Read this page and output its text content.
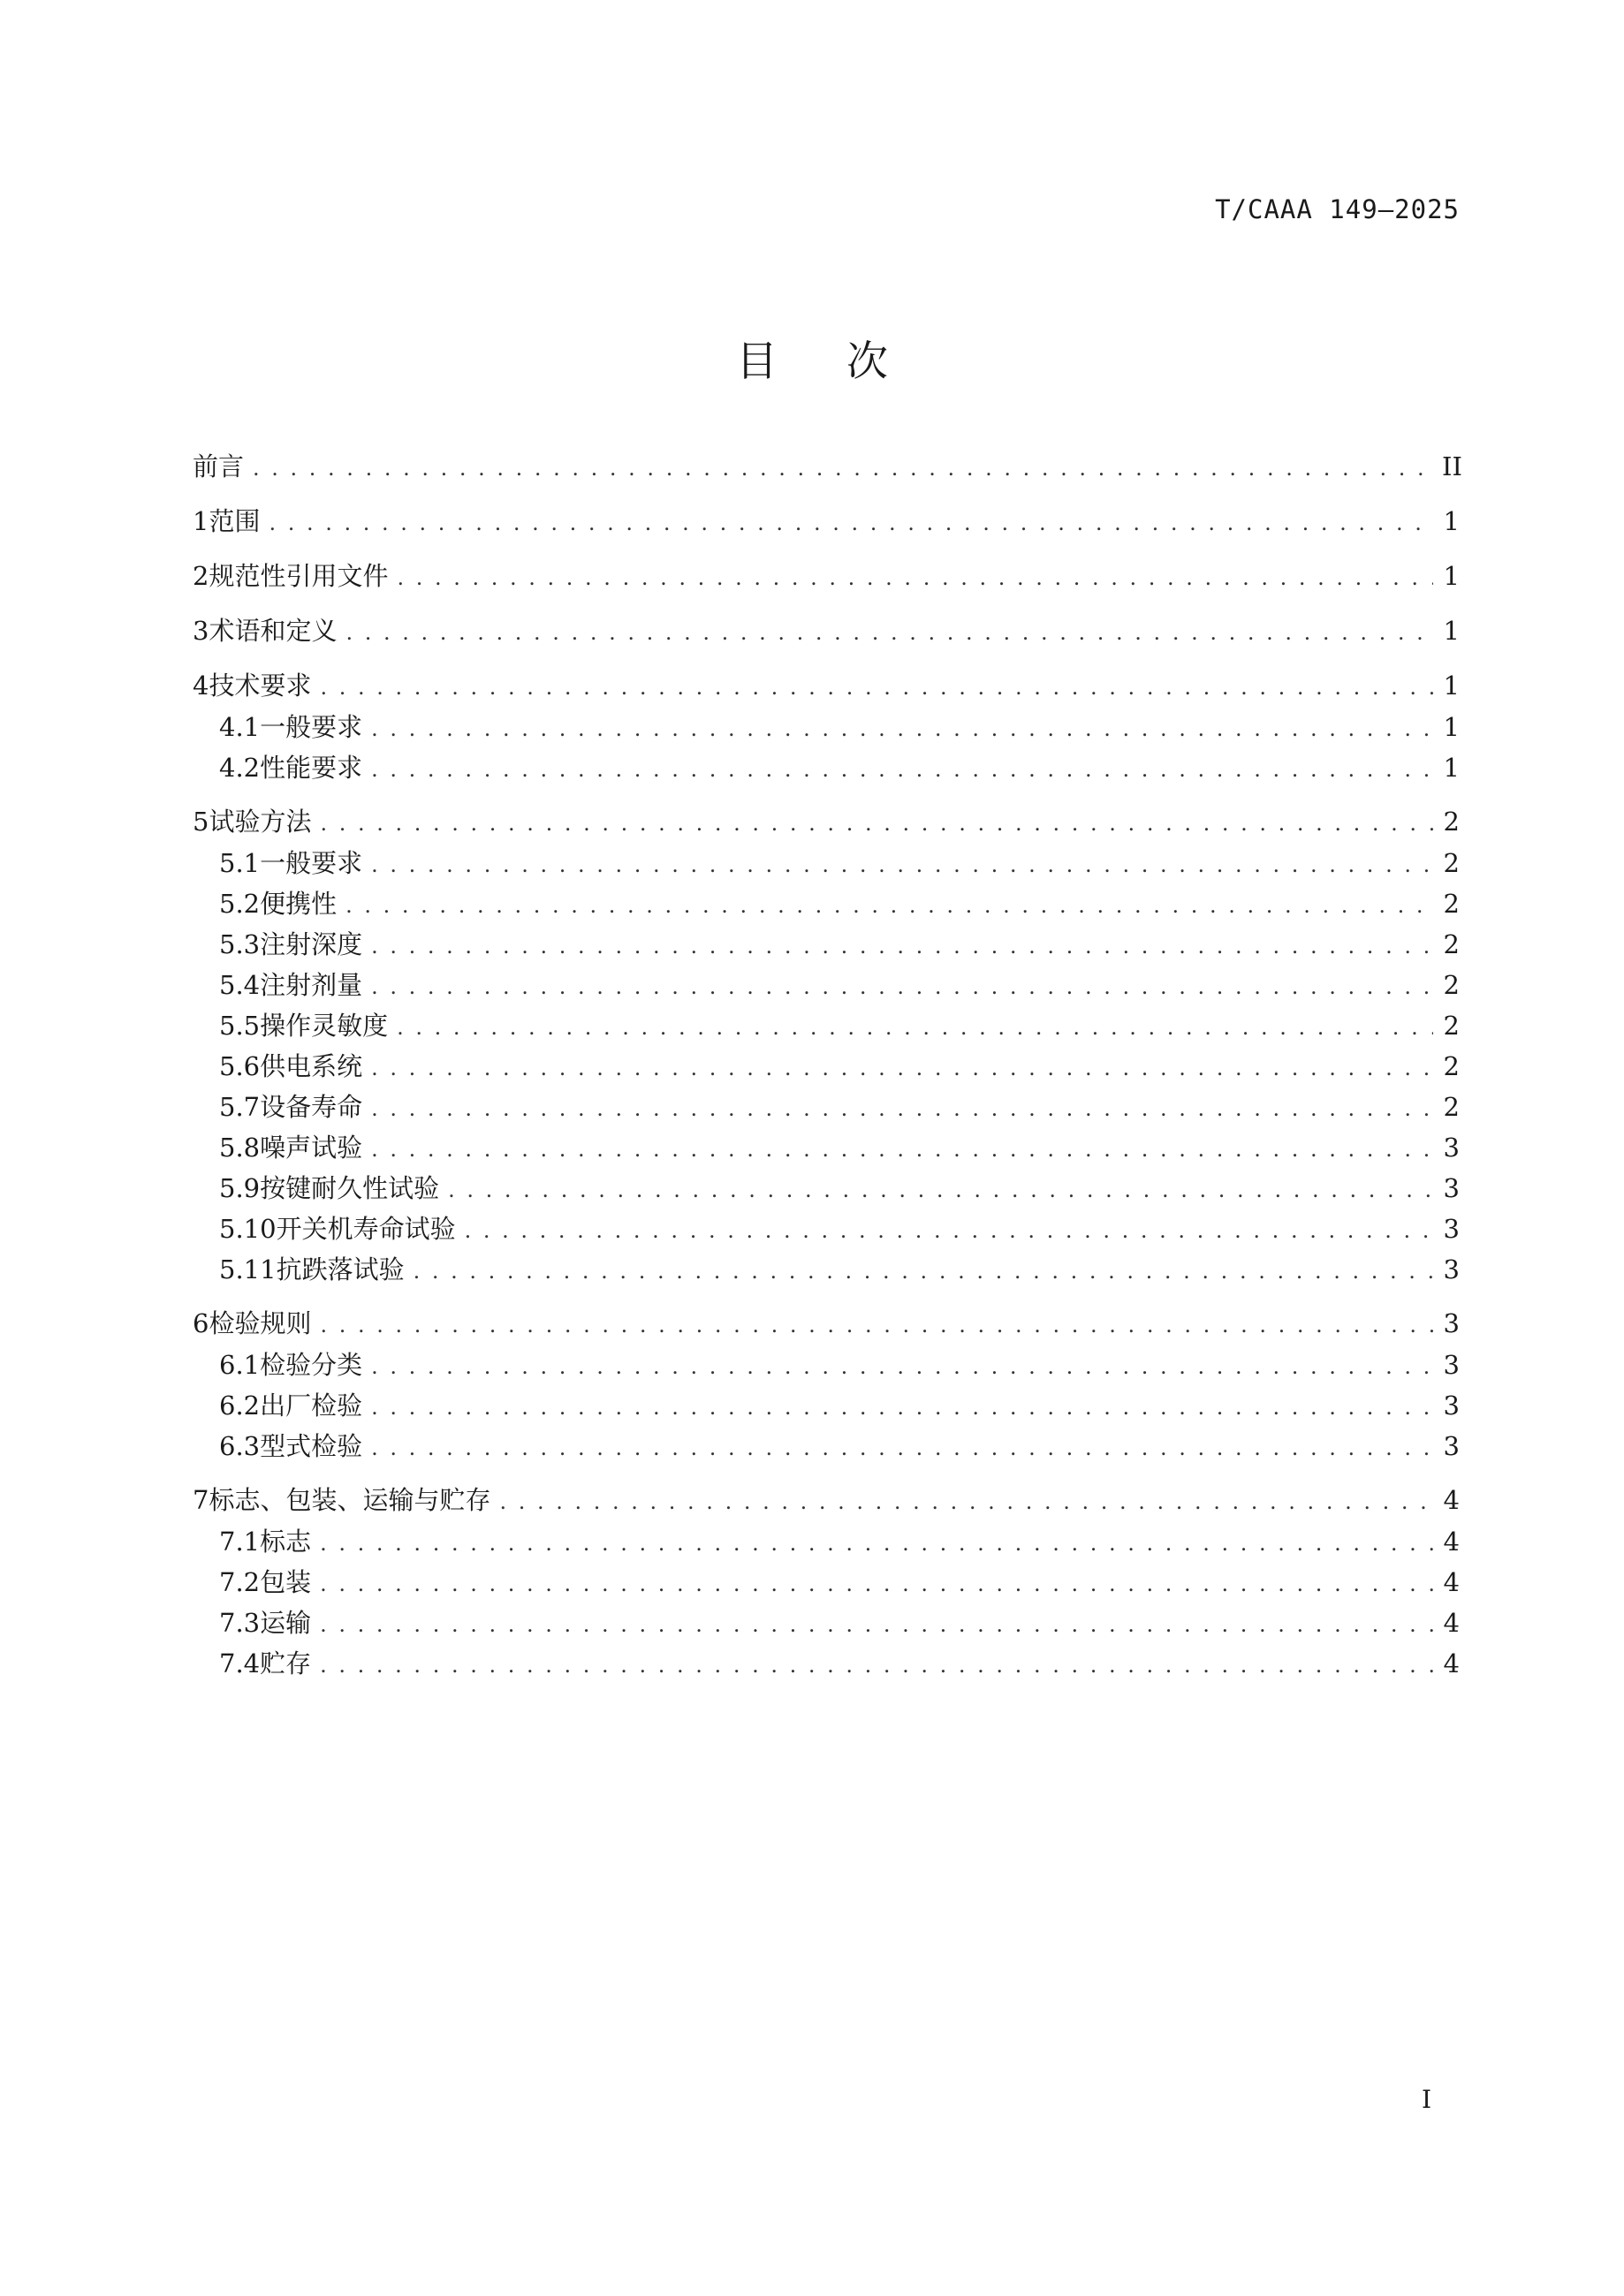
T/CAAA 149—2025
目次
前言 . . .	II
1 范围 . . .	1
2 规范性引用文件 . . .	1
3 术语和定义 . . .	1
4 技术要求 . . .	1
4.1 一般要求 . . .	1
4.2 性能要求 . . .	1
5 试验方法 . . .	2
5.1 一般要求 . . .	2
5.2 便携性 . . .	2
5.3 注射深度 . . .	2
5.4 注射剂量 . . .	2
5.5 操作灵敏度 . . .	2
5.6 供电系统 . . .	2
5.7 设备寿命 . . .	2
5.8 噪声试验 . . .	3
5.9 按键耐久性试验 . . .	3
5.10 开关机寿命试验 . . .	3
5.11 抗跌落试验 . . .	3
6 检验规则 . . .	3
6.1 检验分类 . . .	3
6.2 出厂检验 . . .	3
6.3 型式检验 . . .	3
7 标志、包装、运输与贮存 . . .	4
7.1 标志 . . .	4
7.2 包装 . . .	4
7.3 运输 . . .	4
7.4 贮存 . . .	4
I
